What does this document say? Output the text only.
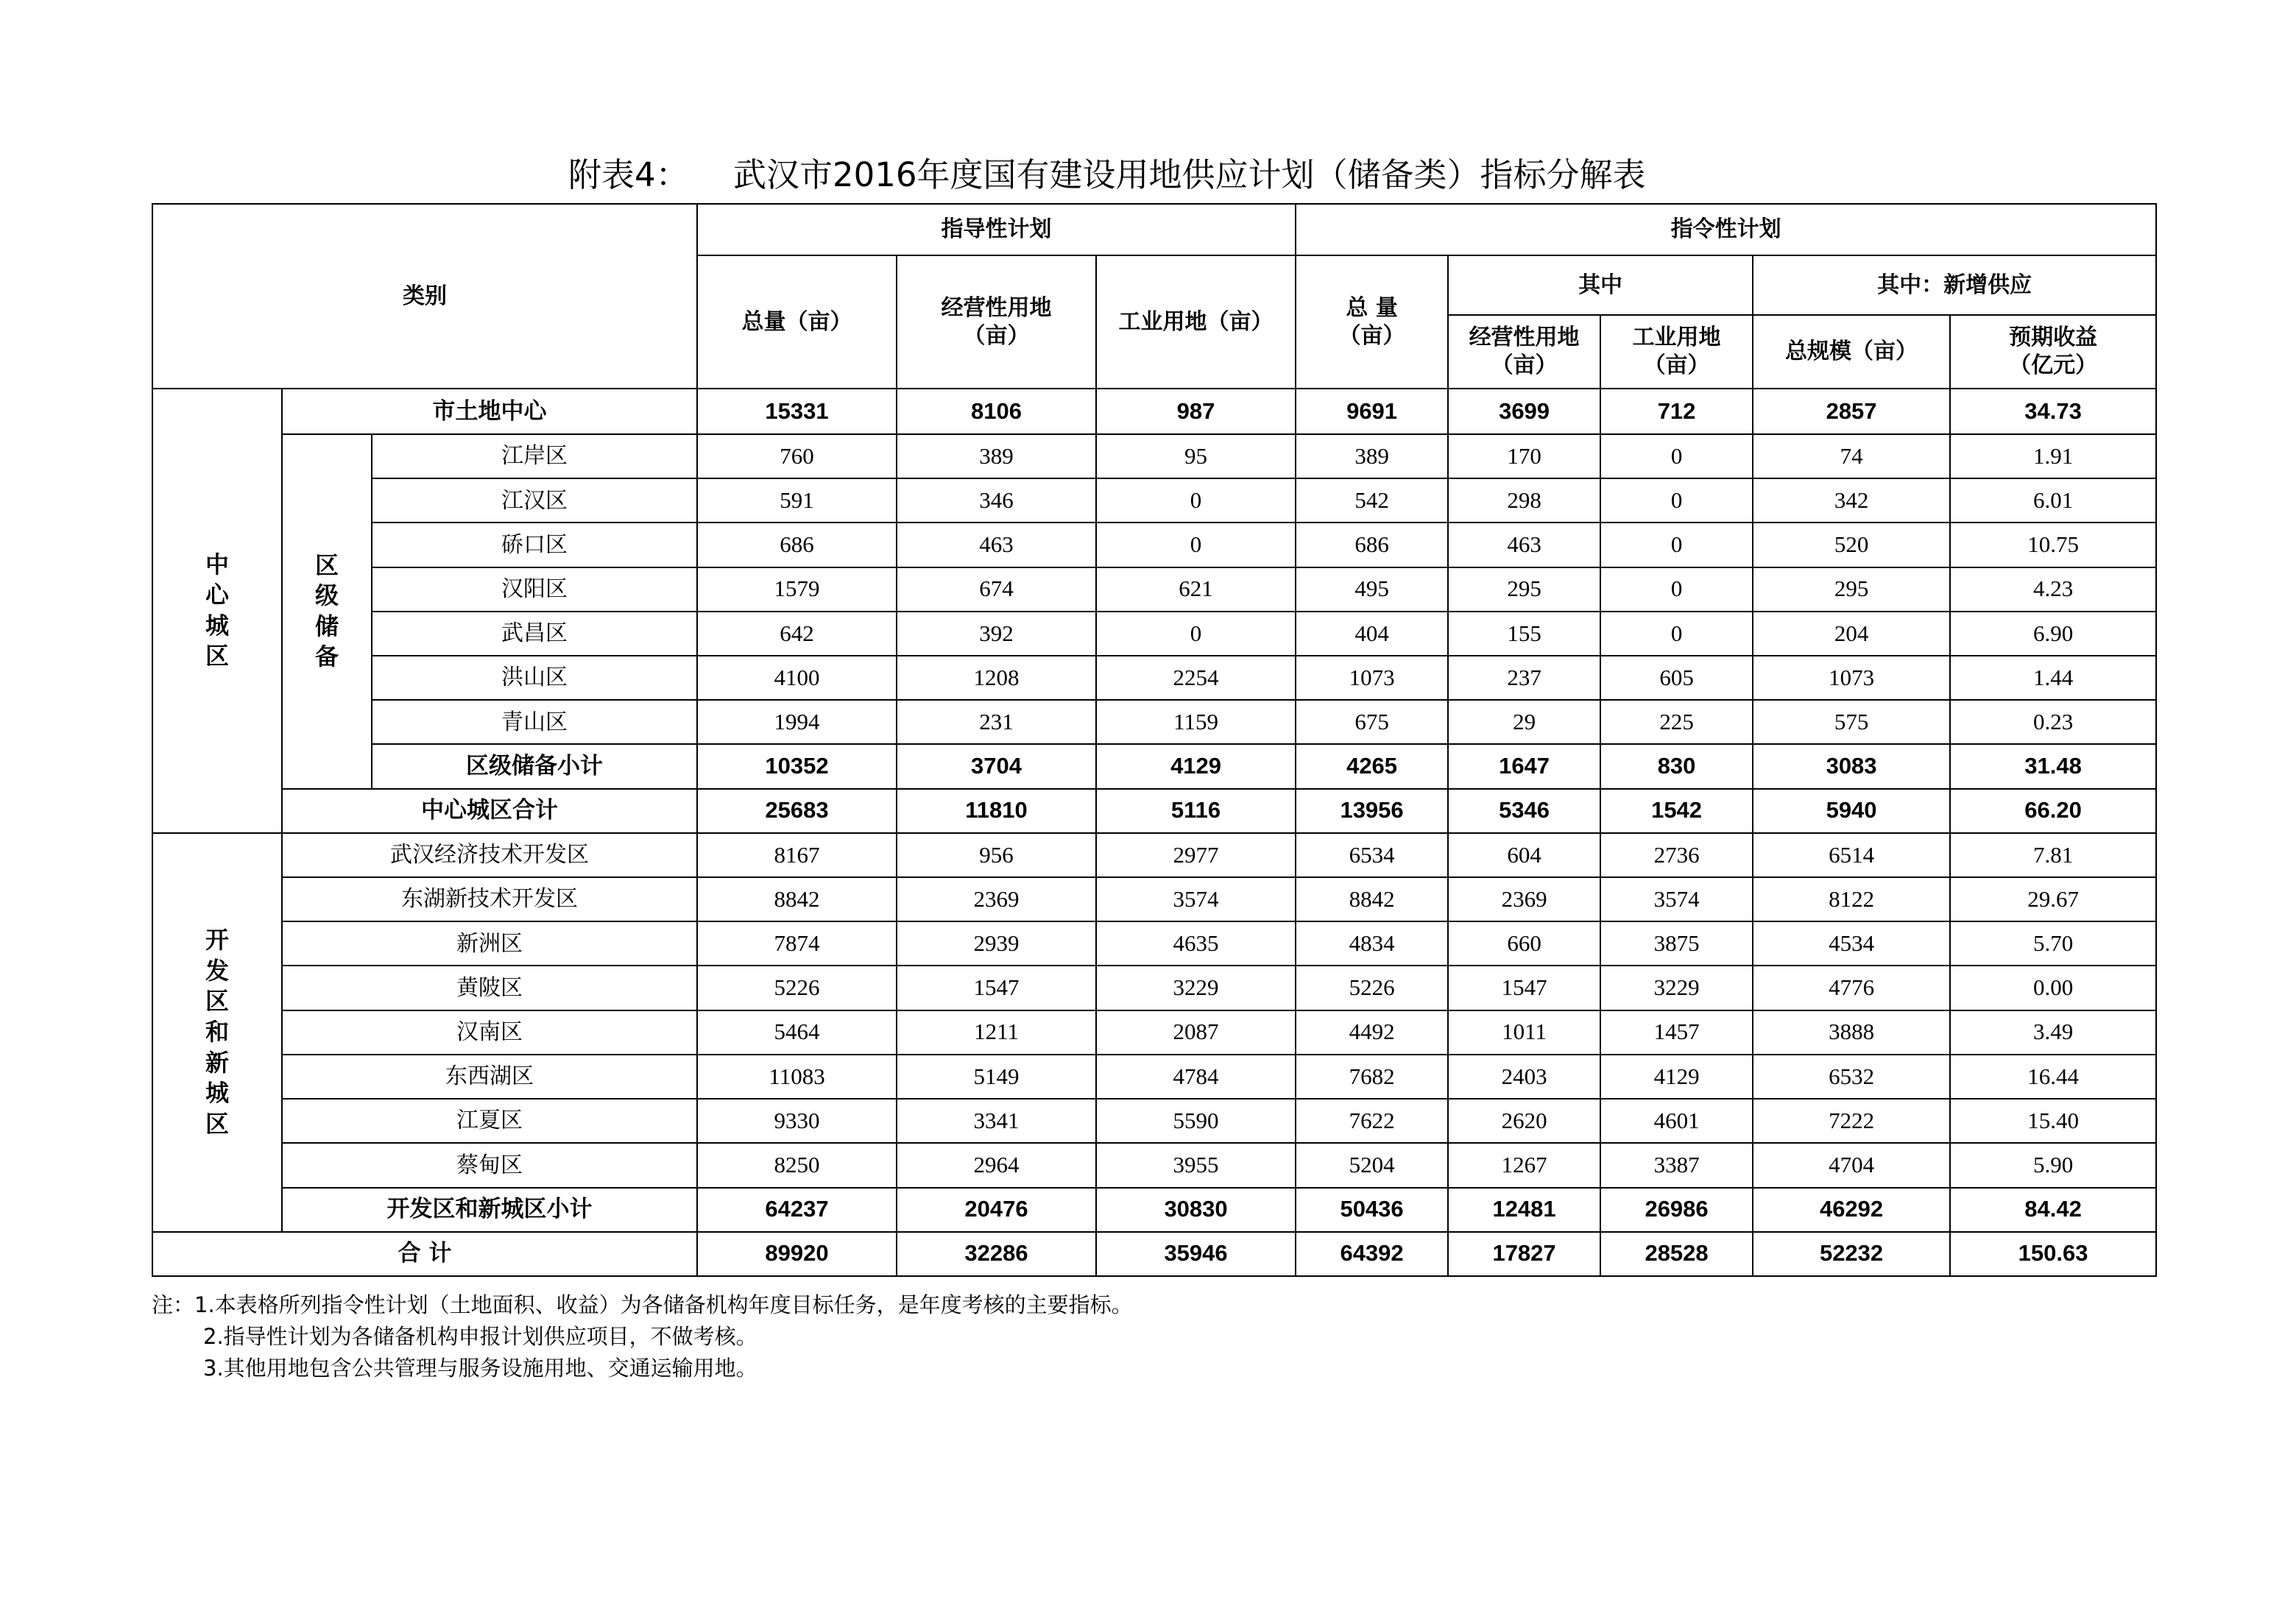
附表4： 武汉市2016年度国有建设用地供应计划（储备类）指标分解表
类别			指导性计划			指令性计划				
			总量（亩）	经营性用地（亩）	工业用地（亩）	总 量（亩）	其中		其中：新增供应	
							经营性用地（亩）	工业用地（亩）	总规模（亩）	预期收益（亿元）
中心城区	市土地中心		15331	8106	987	9691	3699	712	2857	34.73
	区级储备	江岸区	760	389	95	389	170	0	74	1.91
		江汉区	591	346	0	542	298	0	342	6.01
		硚口区	686	463	0	686	463	0	520	10.75
		汉阳区	1579	674	621	495	295	0	295	4.23
		武昌区	642	392	0	404	155	0	204	6.90
		洪山区	4100	1208	2254	1073	237	605	1073	1.44
		青山区	1994	231	1159	675	29	225	575	0.23
		区级储备小计	10352	3704	4129	4265	1647	830	3083	31.48
	中心城区合计		25683	11810	5116	13956	5346	1542	5940	66.20
开发区和新城区	武汉经济技术开发区		8167	956	2977	6534	604	2736	6514	7.81
	东湖新技术开发区		8842	2369	3574	8842	2369	3574	8122	29.67
	新洲区		7874	2939	4635	4834	660	3875	4534	5.70
	黄陂区		5226	1547	3229	5226	1547	3229	4776	0.00
	汉南区		5464	1211	2087	4492	1011	1457	3888	3.49
	东西湖区		11083	5149	4784	7682	2403	4129	6532	16.44
	江夏区		9330	3341	5590	7622	2620	4601	7222	15.40
	蔡甸区		8250	2964	3955	5204	1267	3387	4704	5.90
	开发区和新城区小计		64237	20476	30830	50436	12481	26986	46292	84.42
合 计			89920	32286	35946	64392	17827	28528	52232	150.63
注：1.本表格所列指令性计划（土地面积、收益）为各储备机构年度目标任务，是年度考核的主要指标。
2.指导性计划为各储备机构申报计划供应项目，不做考核。
3.其他用地包含公共管理与服务设施用地、交通运输用地。
